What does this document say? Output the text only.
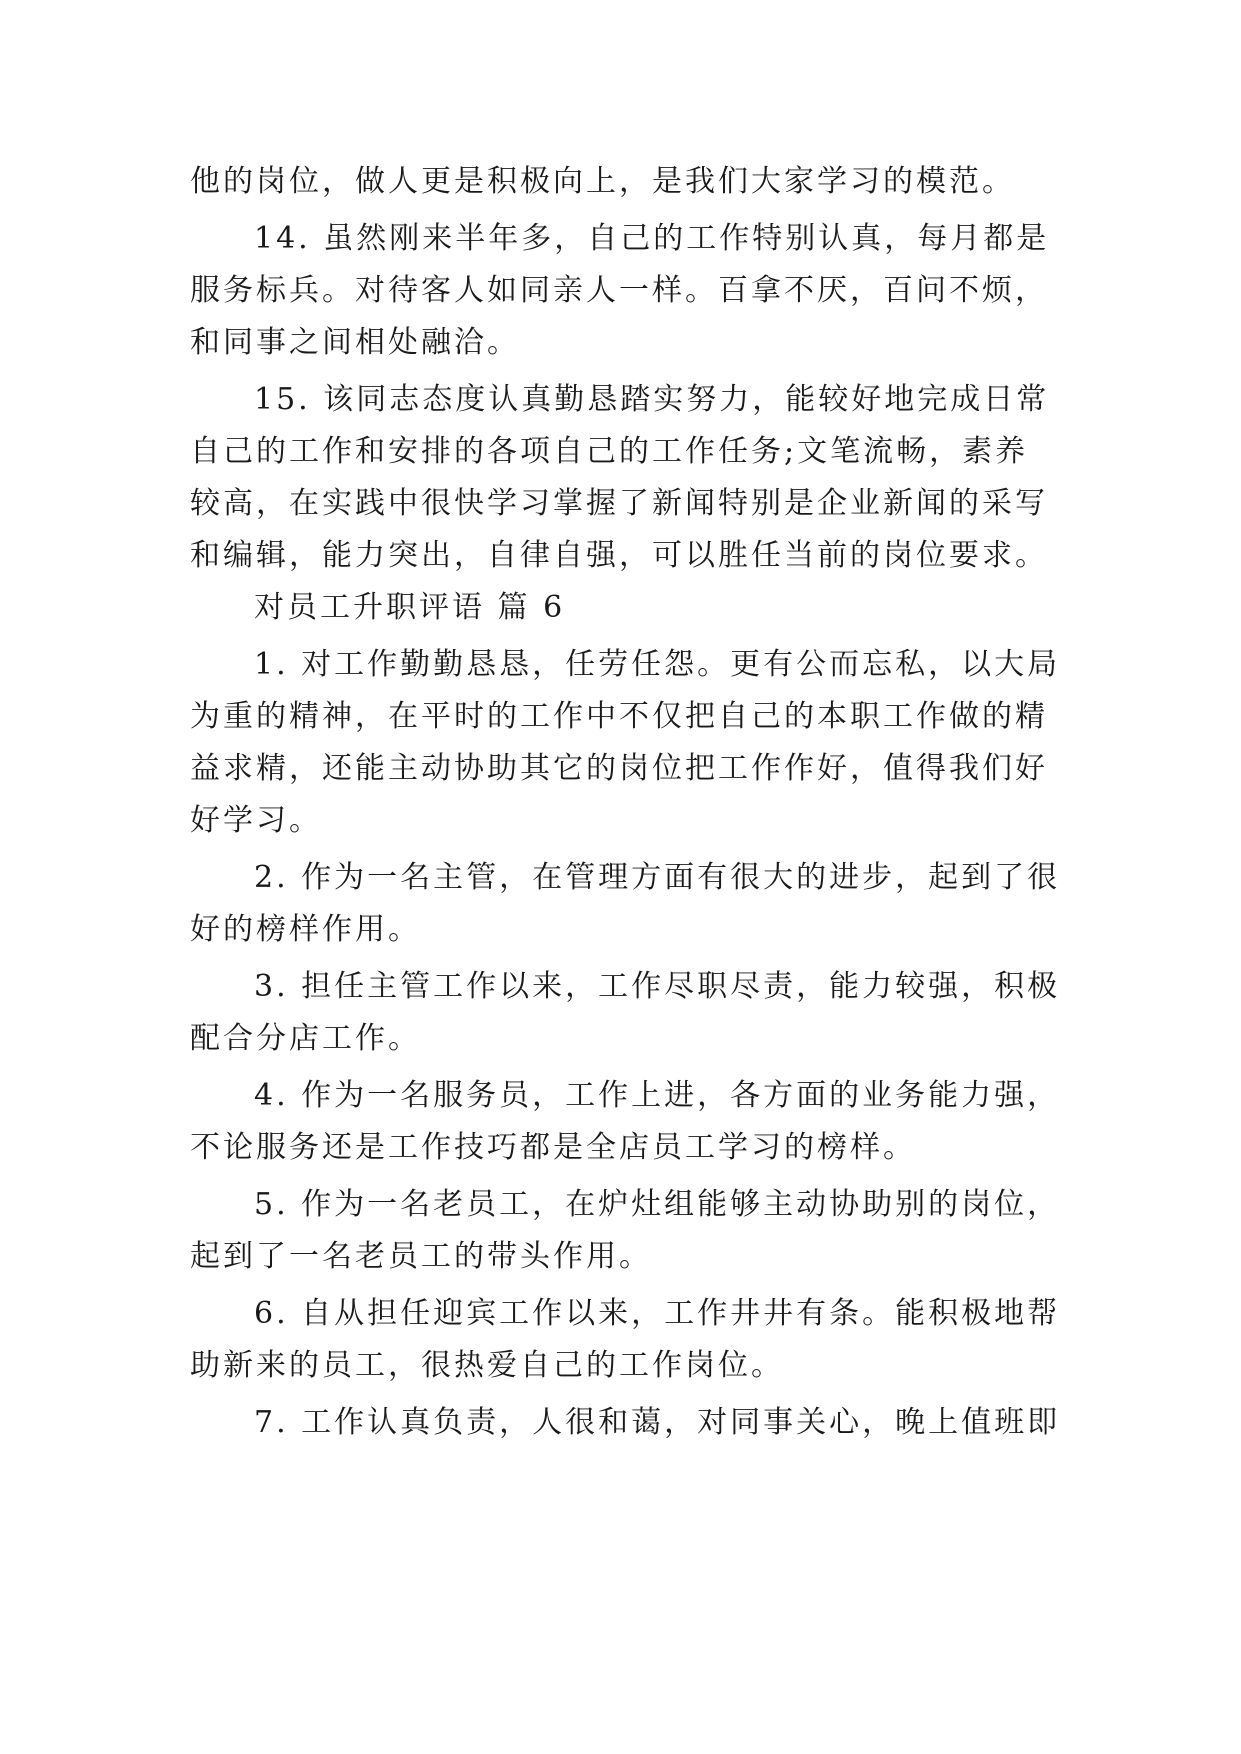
他的岗位，做人更是积极向上，是我们大家学习的模范。
14. 虽然刚来半年多，自己的工作特别认真，每月都是
服务标兵。对待客人如同亲人一样。百拿不厌，百问不烦，
和同事之间相处融洽。
15. 该同志态度认真勤恳踏实努力，能较好地完成日常
自己的工作和安排的各项自己的工作任务;文笔流畅，素养
较高，在实践中很快学习掌握了新闻特别是企业新闻的采写
和编辑，能力突出，自律自强，可以胜任当前的岗位要求。
对员工升职评语 篇 6
1. 对工作勤勤恳恳，任劳任怨。更有公而忘私，以大局
为重的精神，在平时的工作中不仅把自己的本职工作做的精
益求精，还能主动协助其它的岗位把工作作好，值得我们好
好学习。
2. 作为一名主管，在管理方面有很大的进步，起到了很
好的榜样作用。
3. 担任主管工作以来，工作尽职尽责，能力较强，积极
配合分店工作。
4. 作为一名服务员，工作上进，各方面的业务能力强，
不论服务还是工作技巧都是全店员工学习的榜样。
5. 作为一名老员工，在炉灶组能够主动协助别的岗位，
起到了一名老员工的带头作用。
6. 自从担任迎宾工作以来，工作井井有条。能积极地帮
助新来的员工，很热爱自己的工作岗位。
7. 工作认真负责，人很和蔼，对同事关心，晚上值班即
